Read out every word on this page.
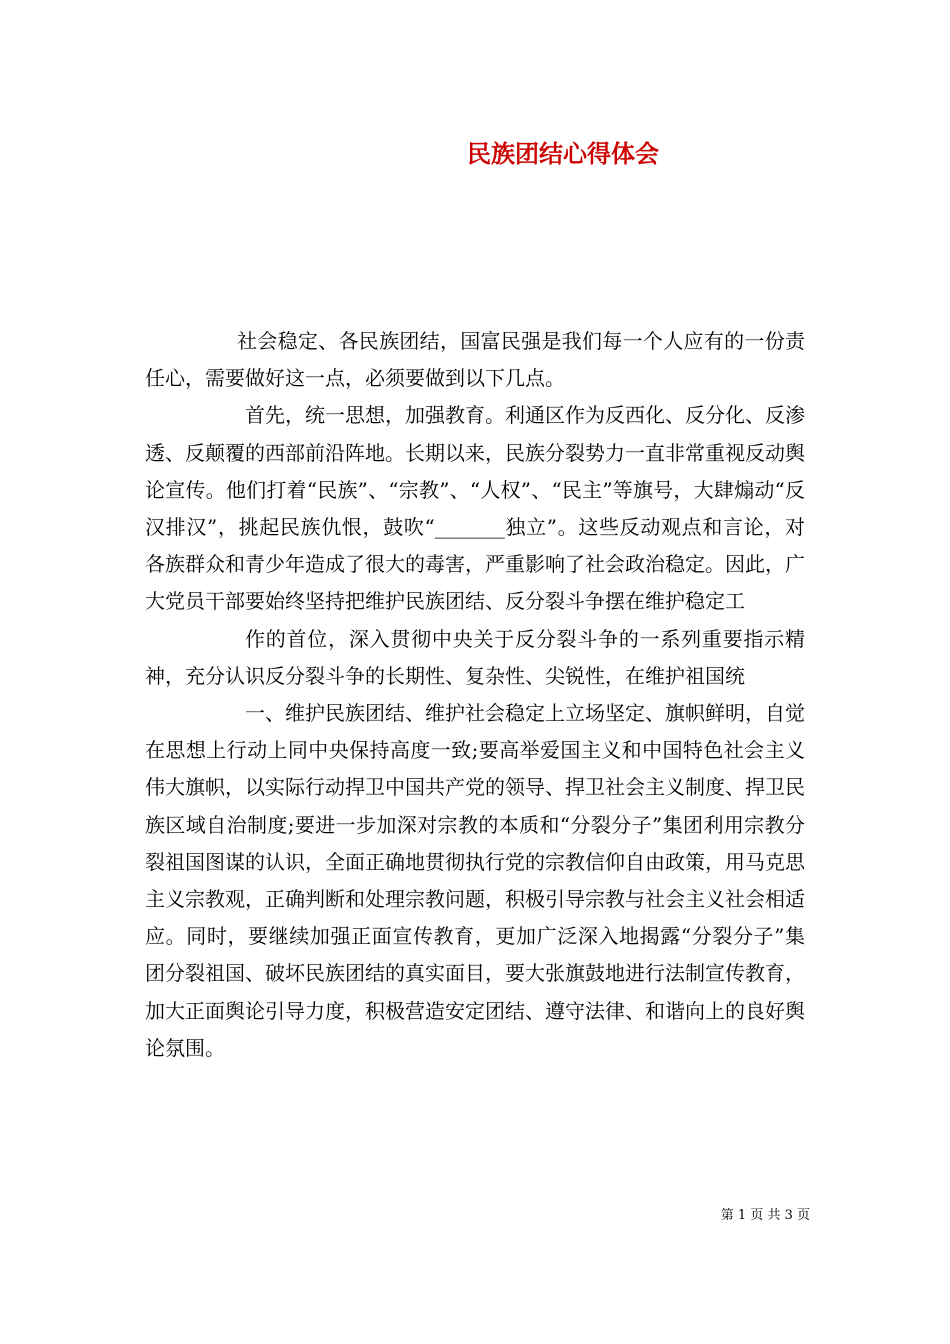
民族团结心得体会

社会稳定、各民族团结，国富民强是我们每一个人应有的一份责任心，需要做好这一点，必须要做到以下几点。

首先，统一思想，加强教育。利通区作为反西化、反分化、反渗透、反颠覆的西部前沿阵地。长期以来，民族分裂势力一直非常重视反动舆论宣传。他们打着“民族”、“宗教”、“人权”、“民主”等旗号，大肆煽动“反汉排汉”，挑起民族仇恨，鼓吹“_______独立”。这些反动观点和言论，对各族群众和青少年造成了很大的毒害，严重影响了社会政治稳定。因此，广大党员干部要始终坚持把维护民族团结、反分裂斗争摆在维护稳定工

作的首位，深入贯彻中央关于反分裂斗争的一系列重要指示精神，充分认识反分裂斗争的长期性、复杂性、尖锐性，在维护祖国统

一、维护民族团结、维护社会稳定上立场坚定、旗帜鲜明，自觉在思想上行动上同中央保持高度一致;要高举爱国主义和中国特色社会主义伟大旗帜，以实际行动捍卫中国共产党的领导、捍卫社会主义制度、捍卫民族区域自治制度;要进一步加深对宗教的本质和“分裂分子”集团利用宗教分裂祖国图谋的认识，全面正确地贯彻执行党的宗教信仰自由政策，用马克思主义宗教观，正确判断和处理宗教问题，积极引导宗教与社会主义社会相适应。同时，要继续加强正面宣传教育，更加广泛深入地揭露“分裂分子”集团分裂祖国、破坏民族团结的真实面目，要大张旗鼓地进行法制宣传教育，加大正面舆论引导力度，积极营造安定团结、遵守法律、和谐向上的良好舆论氛围。

第 1 页 共 3 页
